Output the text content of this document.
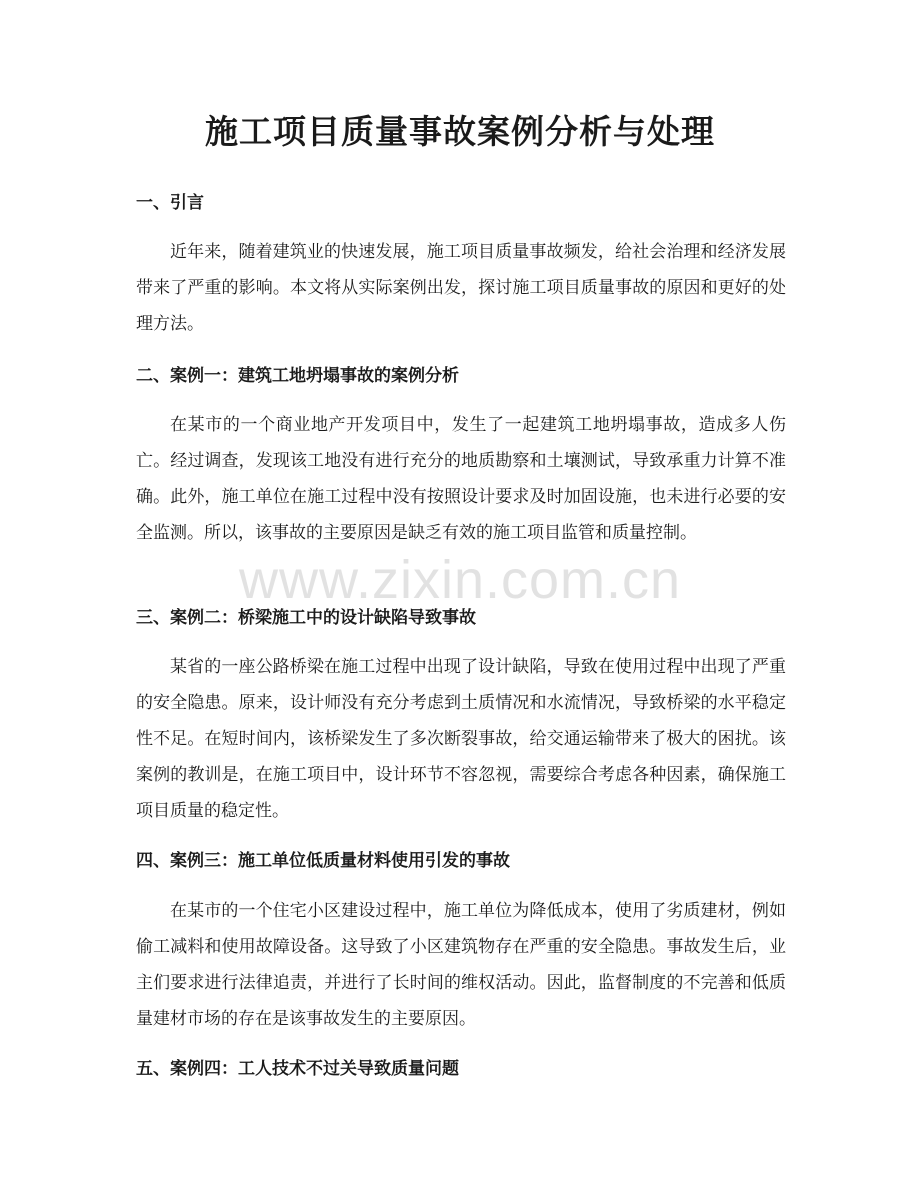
施工项目质量事故案例分析与处理
一、引言

近年来，随着建筑业的快速发展，施工项目质量事故频发，给社会治理和经济发展带来了严重的影响。本文将从实际案例出发，探讨施工项目质量事故的原因和更好的处理方法。

二、案例一：建筑工地坍塌事故的案例分析

在某市的一个商业地产开发项目中，发生了一起建筑工地坍塌事故，造成多人伤亡。经过调查，发现该工地没有进行充分的地质勘察和土壤测试，导致承重力计算不准确。此外，施工单位在施工过程中没有按照设计要求及时加固设施，也未进行必要的安全监测。所以，该事故的主要原因是缺乏有效的施工项目监管和质量控制。

三、案例二：桥梁施工中的设计缺陷导致事故

某省的一座公路桥梁在施工过程中出现了设计缺陷，导致在使用过程中出现了严重的安全隐患。原来，设计师没有充分考虑到土质情况和水流情况，导致桥梁的水平稳定性不足。在短时间内，该桥梁发生了多次断裂事故，给交通运输带来了极大的困扰。该案例的教训是，在施工项目中，设计环节不容忽视，需要综合考虑各种因素，确保施工项目质量的稳定性。

四、案例三：施工单位低质量材料使用引发的事故

在某市的一个住宅小区建设过程中，施工单位为降低成本，使用了劣质建材，例如偷工减料和使用故障设备。这导致了小区建筑物存在严重的安全隐患。事故发生后，业主们要求进行法律追责，并进行了长时间的维权活动。因此，监督制度的不完善和低质量建材市场的存在是该事故发生的主要原因。

五、案例四：工人技术不过关导致质量问题
www.zixin.com.cn
